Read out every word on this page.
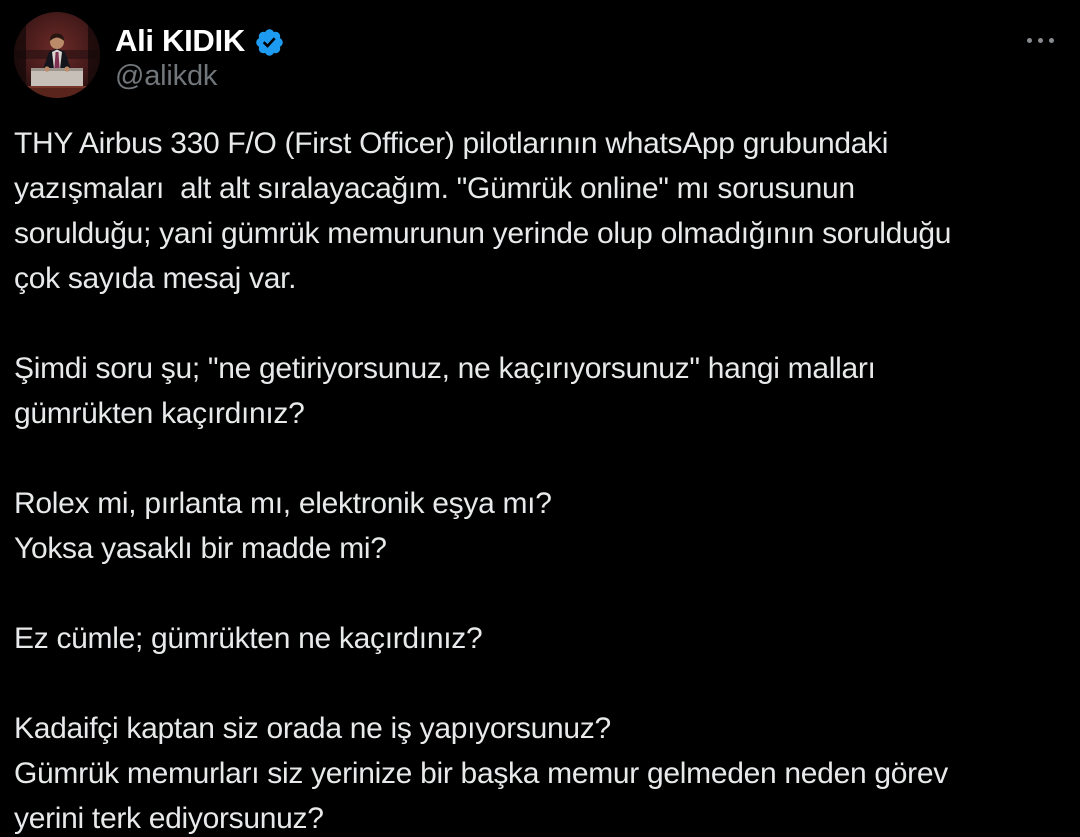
Ali KIDIK
@alikdk
THY Airbus 330 F/O (First Officer) pilotlarının whatsApp grubundaki
yazışmaları  alt alt sıralayacağım. "Gümrük online" mı sorusunun
sorulduğu; yani gümrük memurunun yerinde olup olmadığının sorulduğu
çok sayıda mesaj var.
Şimdi soru şu; "ne getiriyorsunuz, ne kaçırıyorsunuz" hangi malları
gümrükten kaçırdınız?
Rolex mi, pırlanta mı, elektronik eşya mı?
Yoksa yasaklı bir madde mi?
Ez cümle; gümrükten ne kaçırdınız?
Kadaifçi kaptan siz orada ne iş yapıyorsunuz?
Gümrük memurları siz yerinize bir başka memur gelmeden neden görev
yerini terk ediyorsunuz?
